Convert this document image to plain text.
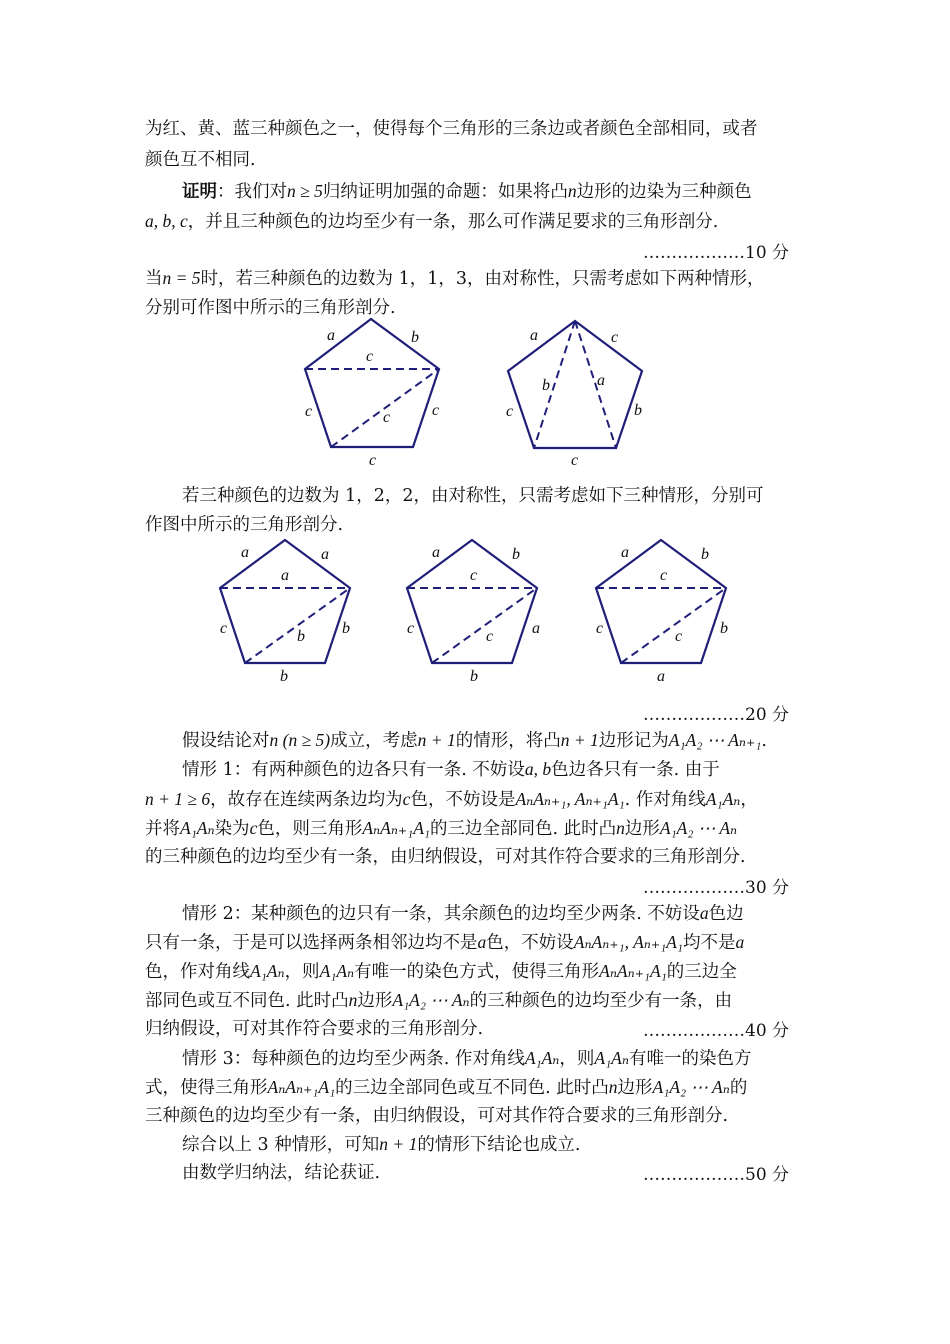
为红、黄、蓝三种颜色之一，使得每个三角形的三条边或者颜色全部相同，或者
颜色互不相同.
证明：我们对n ≥ 5归纳证明加强的命题：如果将凸n边形的边染为三种颜色
a, b, c，并且三种颜色的边均至少有一条，那么可作满足要求的三角形剖分.
………………10 分
当n = 5时，若三种颜色的边数为 1，1，3，由对称性，只需考虑如下两种情形，
分别可作图中所示的三角形剖分.
a	b
c
c	c
c
c
a	c
b	a
c	b
c
若三种颜色的边数为 1，2，2，由对称性，只需考虑如下三种情形，分别可
作图中所示的三角形剖分.
a	a
a
c	b
b
b
a	b
c
c	a
c
b
a	b
c
c	b
c
a
………………20 分
假设结论对n (n ≥ 5)成立，考虑n + 1的情形，将凸n + 1边形记为A₁A₂ ⋯ Aₙ₊₁.
情形 1：有两种颜色的边各只有一条. 不妨设a, b色边各只有一条. 由于
n + 1 ≥ 6，故存在连续两条边均为c色，不妨设是AₙAₙ₊₁, Aₙ₊₁A₁. 作对角线A₁Aₙ，
并将A₁Aₙ染为c色，则三角形AₙAₙ₊₁A₁的三边全部同色. 此时凸n边形A₁A₂ ⋯ Aₙ
的三种颜色的边均至少有一条，由归纳假设，可对其作符合要求的三角形剖分.
………………30 分
情形 2：某种颜色的边只有一条，其余颜色的边均至少两条. 不妨设a色边
只有一条，于是可以选择两条相邻边均不是a色，不妨设AₙAₙ₊₁, Aₙ₊₁A₁均不是a
色，作对角线A₁Aₙ，则A₁Aₙ有唯一的染色方式，使得三角形AₙAₙ₊₁A₁的三边全
部同色或互不同色. 此时凸n边形A₁A₂ ⋯ Aₙ的三种颜色的边均至少有一条，由
归纳假设，可对其作符合要求的三角形剖分.	………………40 分
情形 3：每种颜色的边均至少两条. 作对角线A₁Aₙ，则A₁Aₙ有唯一的染色方
式，使得三角形AₙAₙ₊₁A₁的三边全部同色或互不同色. 此时凸n边形A₁A₂ ⋯ Aₙ的
三种颜色的边均至少有一条，由归纳假设，可对其作符合要求的三角形剖分.
综合以上 3 种情形，可知n + 1的情形下结论也成立.
由数学归纳法，结论获证.	………………50 分
